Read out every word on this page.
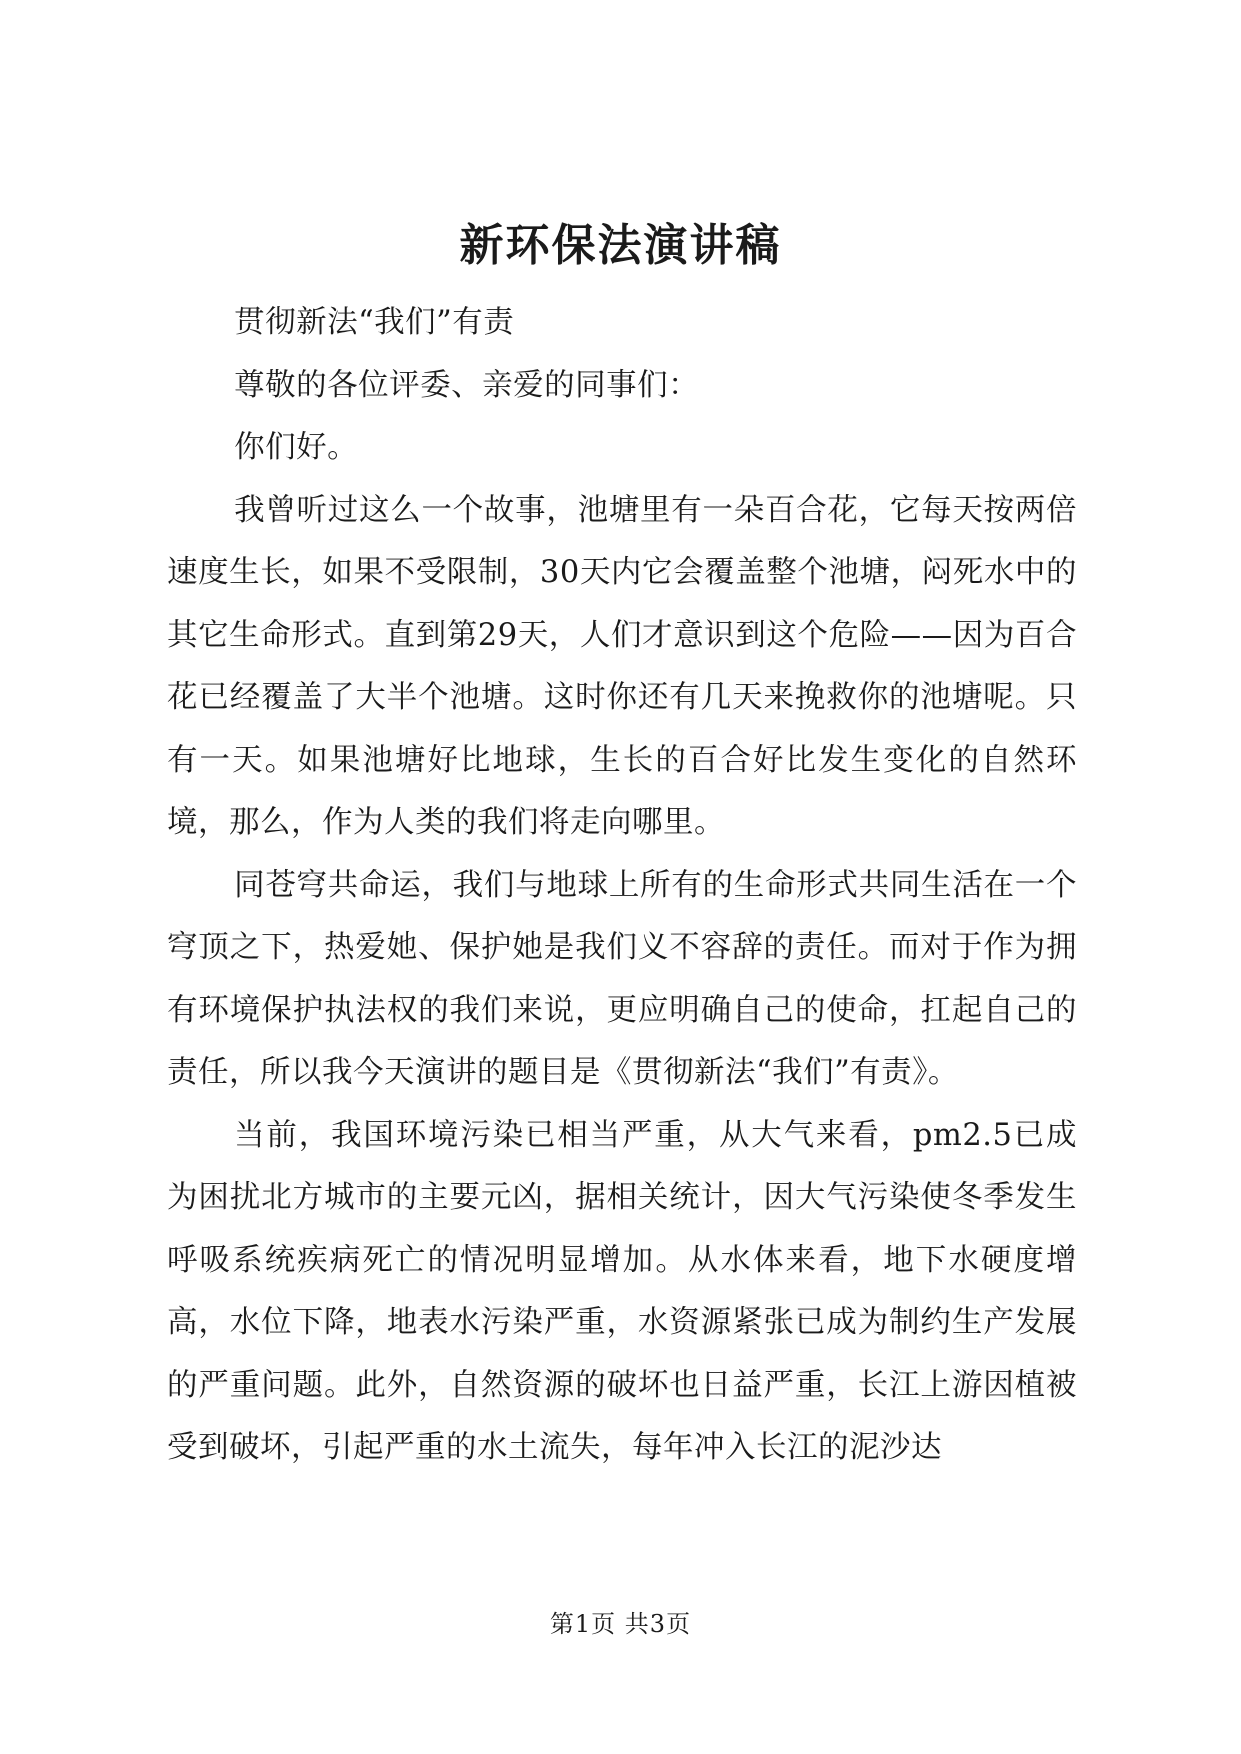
新环保法演讲稿

贯彻新法“我们”有责

尊敬的各位评委、亲爱的同事们：

你们好。

我曾听过这么一个故事，池塘里有一朵百合花，它每天按两倍速度生长，如果不受限制，30天内它会覆盖整个池塘，闷死水中的其它生命形式。直到第29天，人们才意识到这个危险——因为百合花已经覆盖了大半个池塘。这时你还有几天来挽救你的池塘呢。只有一天。如果池塘好比地球，生长的百合好比发生变化的自然环境，那么，作为人类的我们将走向哪里。

同苍穹共命运，我们与地球上所有的生命形式共同生活在一个穹顶之下，热爱她、保护她是我们义不容辞的责任。而对于作为拥有环境保护执法权的我们来说，更应明确自己的使命，扛起自己的责任，所以我今天演讲的题目是《贯彻新法“我们”有责》。

当前，我国环境污染已相当严重，从大气来看，pm2.5已成为困扰北方城市的主要元凶，据相关统计，因大气污染使冬季发生呼吸系统疾病死亡的情况明显增加。从水体来看，地下水硬度增高，水位下降，地表水污染严重，水资源紧张已成为制约生产发展的严重问题。此外，自然资源的破坏也日益严重，长江上游因植被受到破坏，引起严重的水土流失，每年冲入长江的泥沙达

第1页 共3页
